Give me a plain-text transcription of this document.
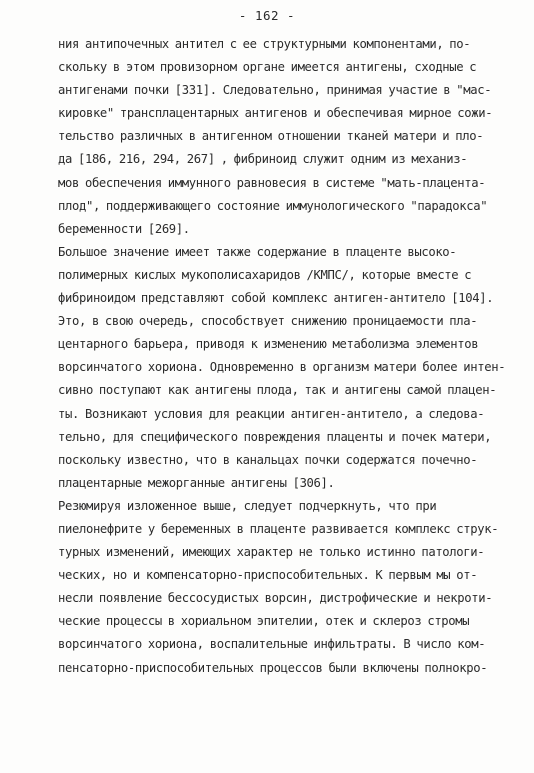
- 162 -
ния антипочечных антител с ее структурными компонентами, по-
скольку в этом провизорном органе имеется антигены, сходные с
антигенами почки [331]. Следовательно, принимая участие в "мас-
кировке" трансплацентарных антигенов и обеспечивая мирное сожи-
тельство различных в антигенном отношении тканей матери и пло-
да [186, 216, 294, 267] , фибриноид служит одним из механиз-
мов обеспечения иммунного равновесия в системе "мать-плацента-
плод", поддерживающего состояние иммунологического "парадокса"
беременности [269].
Большое значение имеет также содержание в плаценте высоко-
полимерных кислых мукополисахаридов /КМПС/, которые вместе с
фибриноидом представляют собой комплекс антиген-антитело [104].
Это, в свою очередь, способствует снижению проницаемости пла-
центарного барьера, приводя к изменению метаболизма элементов
ворсинчатого хориона. Одновременно в организм матери более интен-
сивно поступают как антигены плода, так и антигены самой плацен-
ты. Возникают условия для реакции антиген-антитело, а следова-
тельно, для специфического повреждения плаценты и почек матери,
поскольку известно, что в канальцах почки содержатся почечно-
плацентарные межорганные антигены [306].
Резюмируя изложенное выше, следует подчеркнуть, что при
пиелонефрите у беременных в плаценте развивается комплекс струк-
турных изменений, имеющих характер не только истинно патологи-
ческих, но и компенсаторно-приспособительных. К первым мы от-
несли появление бессосудистых ворсин, дистрофические и некроти-
ческие процессы в хориальном эпителии, отек и склероз стромы
ворсинчатого хориона, воспалительные инфильтраты. В число ком-
пенсаторно-приспособительных процессов были включены полнокро-
